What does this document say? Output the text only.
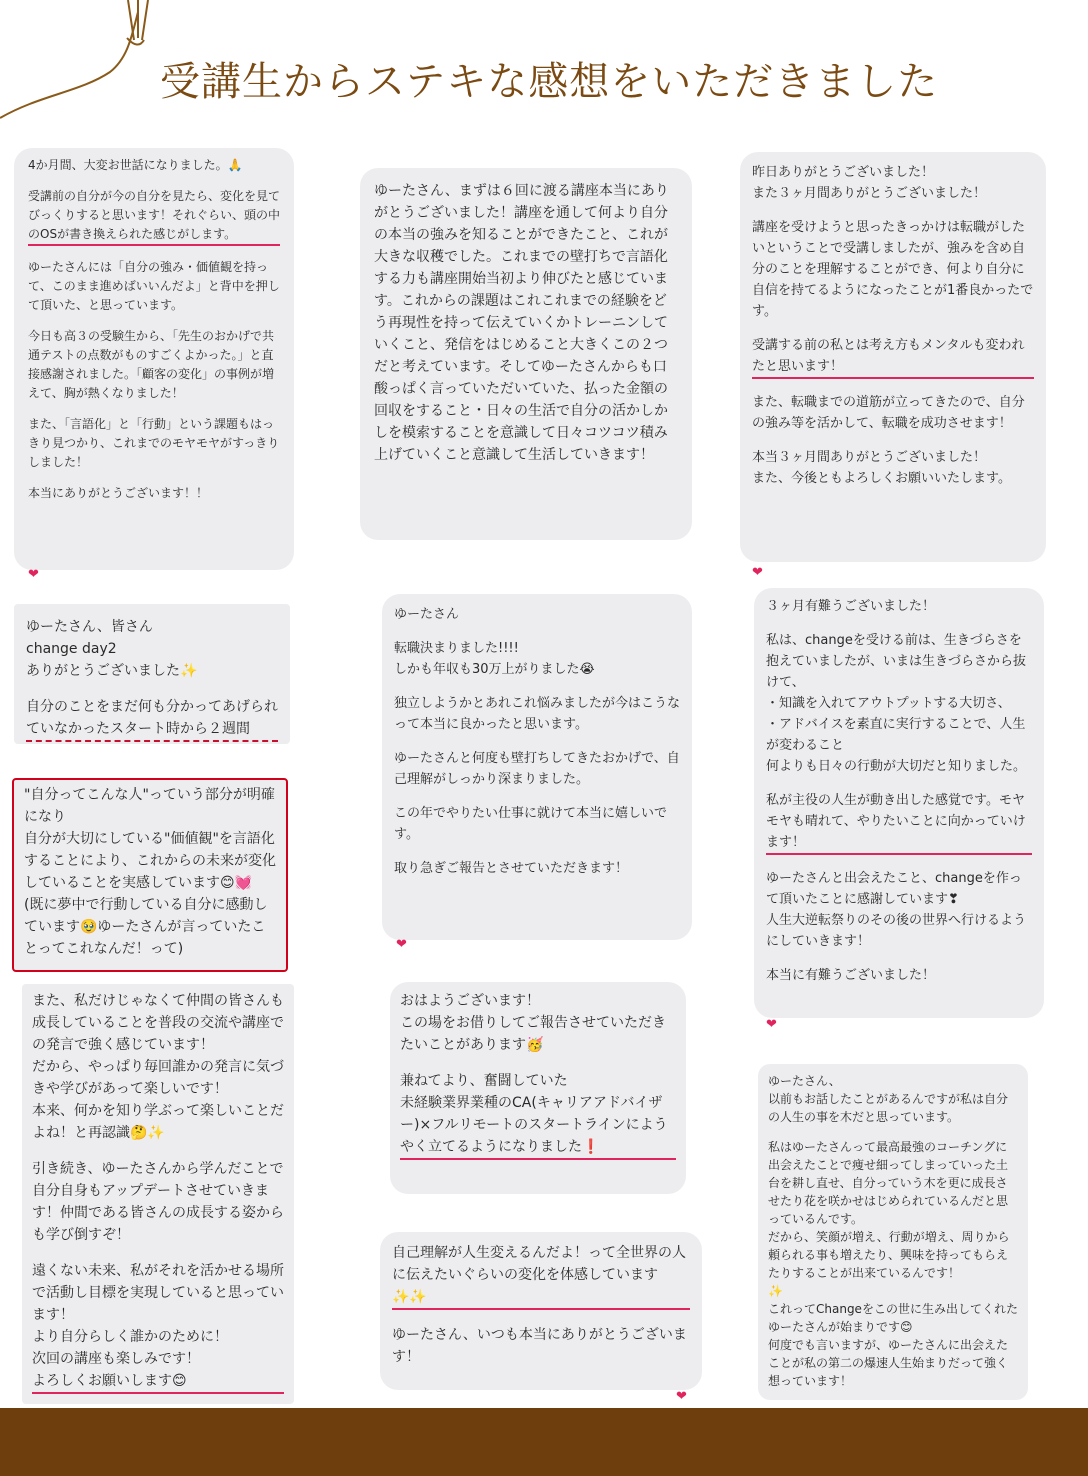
受講生からステキな感想をいただきました

4か月間、大変お世話になりました。🙏

受講前の自分が今の自分を見たら、変化を見てびっくりすると思います！それぐらい、頭の中のOSが書き換えられた感じがします。

ゆーたさんには「自分の強み・価値観を持って、このまま進めばいいんだよ」と背中を押して頂いた、と思っています。

今日も高３の受験生から、「先生のおかげで共通テストの点数がものすごくよかった。」と直接感謝されました。「顧客の変化」の事例が増えて、胸が熱くなりました！

また、「言語化」と「行動」という課題もはっきり見つかり、これまでのモヤモヤがすっきりしました！

本当にありがとうございます！！

❤

ゆーたさん、皆さん
change day2
ありがとうございました✨

自分のことをまだ何も分かってあげられていなかったスタート時から２週間

"自分ってこんな人"っていう部分が明確になり
自分が大切にしている"価値観"を言語化することにより、これからの未来が変化していることを実感しています😊💓
(既に夢中で行動している自分に感動しています🥹ゆーたさんが言っていたことってこれなんだ！って)

また、私だけじゃなくて仲間の皆さんも成長していることを普段の交流や講座での発言で強く感じています！
だから、やっぱり毎回誰かの発言に気づきや学びがあって楽しいです！
本来、何かを知り学ぶって楽しいことだよね！と再認識🤔✨

引き続き、ゆーたさんから学んだことで自分自身もアップデートさせていきます！仲間である皆さんの成長する姿からも学び倒すぞ！

遠くない未来、私がそれを活かせる場所で活動し目標を実現していると思っています！
より自分らしく誰かのために！
次回の講座も楽しみです！
よろしくお願いします😊

ゆーたさん、まずは６回に渡る講座本当にありがとうございました！講座を通して何より自分の本当の強みを知ることができたこと、これが大きな収穫でした。これまでの壁打ちで言語化する力も講座開始当初より伸びたと感じています。これからの課題はこれこれまでの経験をどう再現性を持って伝えていくかトレーニンしていくこと、発信をはじめること大きくこの２つだと考えています。そしてゆーたさんからも口酸っぱく言っていただいていた、払った金額の回収をすること・日々の生活で自分の活かしかしを模索することを意識して日々コツコツ積み上げていくこと意識して生活していきます！

ゆーたさん

転職決まりました!!!!
しかも年収も30万上がりました😭

独立しようかとあれこれ悩みましたが今はこうなって本当に良かったと思います。

ゆーたさんと何度も壁打ちしてきたおかげで、自己理解がしっかり深まりました。

この年でやりたい仕事に就けて本当に嬉しいです。

取り急ぎご報告とさせていただきます！

❤

おはようございます！
この場をお借りしてご報告させていただきたいことがあります🥳

兼ねてより、奮闘していた
未経験業界業種のCA(キャリアアドバイザー)×フルリモートのスタートラインにようやく立てるようになりました❗

自己理解が人生変えるんだよ！って全世界の人に伝えたいぐらいの変化を体感しています✨✨

ゆーたさん、いつも本当にありがとうございます！

❤

昨日ありがとうございました！
また３ヶ月間ありがとうございました！

講座を受けようと思ったきっかけは転職がしたいということで受講しましたが、強みを含め自分のことを理解することができ、何より自分に自信を持てるようになったことが1番良かったです。

受講する前の私とは考え方もメンタルも変われたと思います！

また、転職までの道筋が立ってきたので、自分の強み等を活かして、転職を成功させます！

本当３ヶ月間ありがとうございました！
また、今後ともよろしくお願いいたします。

❤

３ヶ月有難うございました！

私は、changeを受ける前は、生きづらさを抱えていましたが、いまは生きづらさから抜けて、
・知識を入れてアウトプットする大切さ、
・アドバイスを素直に実行することで、人生が変わること
何よりも日々の行動が大切だと知りました。

私が主役の人生が動き出した感覚です。モヤモヤも晴れて、やりたいことに向かっていけます！

ゆーたさんと出会えたこと、changeを作って頂いたことに感謝しています❣
人生大逆転祭りのその後の世界へ行けるようにしていきます！

本当に有難うございました！

❤

ゆーたさん、
以前もお話したことがあるんですが私は自分の人生の事を木だと思っています。

私はゆーたさんって最高最強のコーチングに出会えたことで痩せ細ってしまっていった土台を耕し直せ、自分っていう木を更に成長させたり花を咲かせはじめられているんだと思っているんです。
だから、笑顔が増え、行動が増え、周りから頼られる事も増えたり、興味を持ってもらえたりすることが出来ているんです！
✨
これってChangeをこの世に生み出してくれたゆーたさんが始まりです😊
何度でも言いますが、ゆーたさんに出会えたことが私の第二の爆速人生始まりだって強く想っています！
